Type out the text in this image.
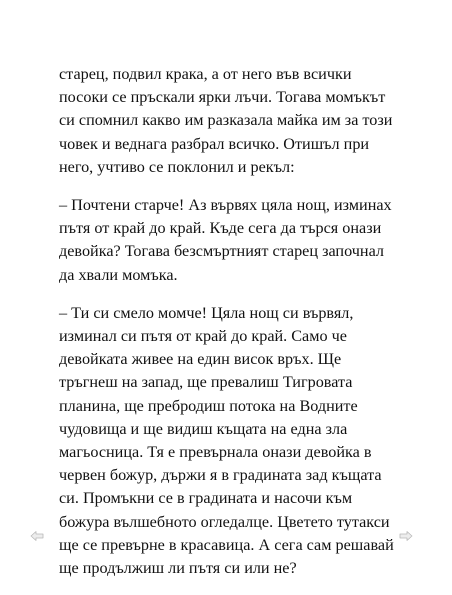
старец, подвил крака, а от него във всички
посоки се пръскали ярки лъчи. Тогава момъкът
си спомнил какво им разказала майка им за този
човек и веднага разбрал всичко. Отишъл при
него, учтиво се поклонил и рекъл:

– Почтени старче! Аз вървях цяла нощ, изминах
пътя от край до край. Къде сега да търся онази
девойка? Тогава безсмъртният старец започнал
да хвали момъка.

– Ти си смело момче! Цяла нощ си вървял,
изминал си пътя от край до край. Само че
девойката живее на един висок връх. Ще
тръгнеш на запад, ще превалиш Тигровата
планина, ще пребродиш потока на Водните
чудовища и ще видиш къщата на една зла
магьосница. Тя е превърнала онази девойка в
червен божур, държи я в градината зад къщата
си. Промъкни се в градината и насочи към
божура вълшебното огледалце. Цветето тутакси
ще се превърне в красавица. А сега сам решавай
ще продължиш ли пътя си или не?
